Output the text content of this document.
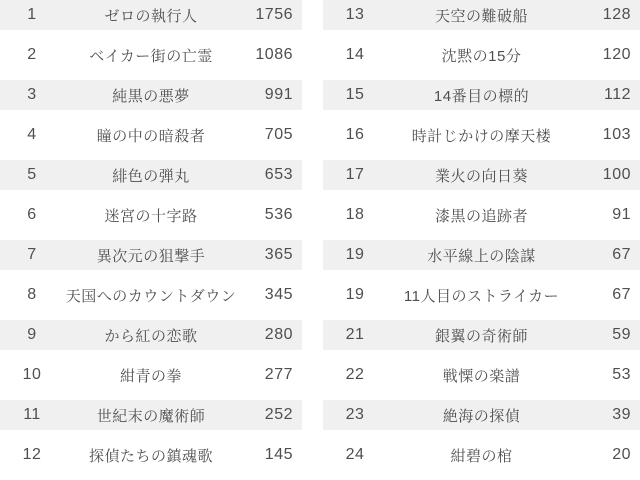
1	ゼロの執行人	1756
2	ベイカー街の亡霊	1086
3	純黒の悪夢	991
4	瞳の中の暗殺者	705
5	緋色の弾丸	653
6	迷宮の十字路	536
7	異次元の狙撃手	365
8	天国へのカウントダウン	345
9	から紅の恋歌	280
10	紺青の拳	277
11	世紀末の魔術師	252
12	探偵たちの鎮魂歌	145
13	天空の難破船	128
14	沈黙の15分	120
15	14番目の標的	112
16	時計じかけの摩天楼	103
17	業火の向日葵	100
18	漆黒の追跡者	91
19	水平線上の陰謀	67
19	11人目のストライカー	67
21	銀翼の奇術師	59
22	戦慄の楽譜	53
23	絶海の探偵	39
24	紺碧の棺	20
